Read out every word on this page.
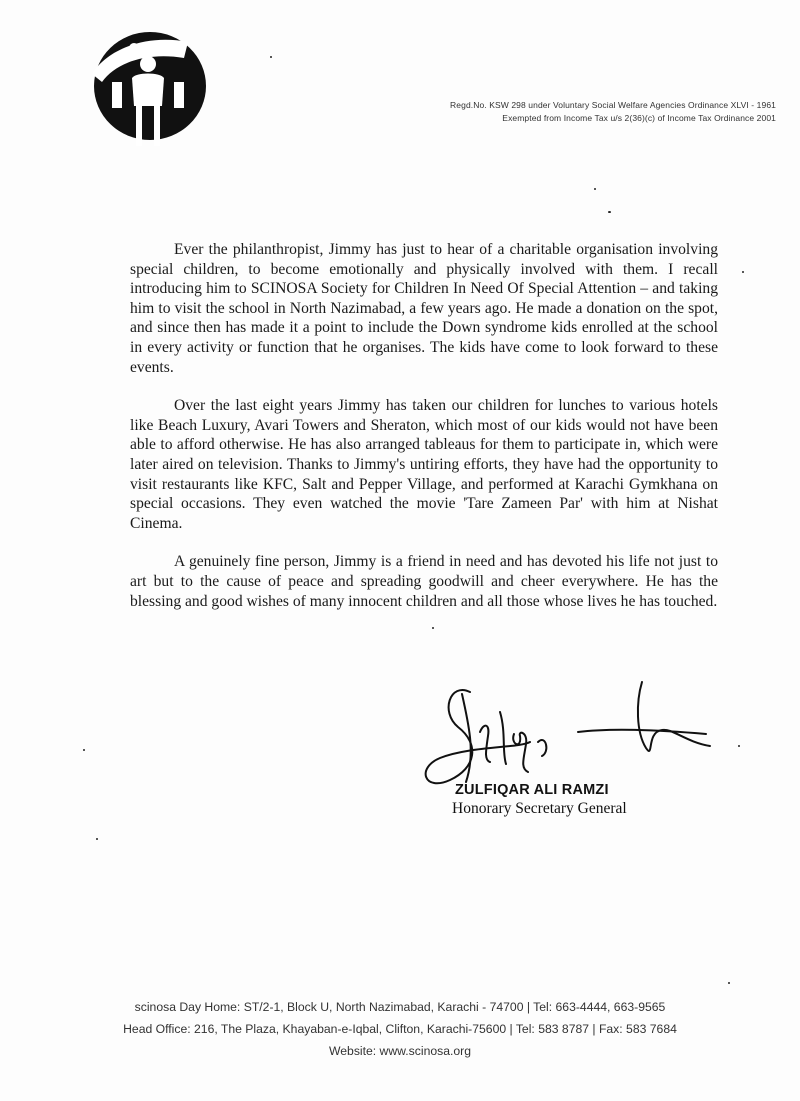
Regd.No. KSW 298 under Voluntary Social Welfare Agencies Ordinance XLVI - 1961
Exempted from Income Tax u/s 2(36)(c) of Income Tax Ordinance 2001

Ever the philanthropist, Jimmy has just to hear of a charitable organisation involving special children, to become emotionally and physically involved with them. I recall introducing him to SCINOSA Society for Children In Need Of Special Attention – and taking him to visit the school in North Nazimabad, a few years ago. He made a donation on the spot, and since then has made it a point to include the Down syndrome kids enrolled at the school in every activity or function that he organises. The kids have come to look forward to these events.

Over the last eight years Jimmy has taken our children for lunches to various hotels like Beach Luxury, Avari Towers and Sheraton, which most of our kids would not have been able to afford otherwise. He has also arranged tableaus for them to participate in, which were later aired on television. Thanks to Jimmy's untiring efforts, they have had the opportunity to visit restaurants like KFC, Salt and Pepper Village, and performed at Karachi Gymkhana on special occasions. They even watched the movie 'Tare Zameen Par' with him at Nishat Cinema.

A genuinely fine person, Jimmy is a friend in need and has devoted his life not just to art but to the cause of peace and spreading goodwill and cheer everywhere. He has the blessing and good wishes of many innocent children and all those whose lives he has touched.

ZULFIQAR ALI RAMZI
Honorary Secretary General
scinosa Day Home: ST/2-1, Block U, North Nazimabad, Karachi - 74700 | Tel: 663-4444, 663-9565
Head Office: 216, The Plaza, Khayaban-e-Iqbal, Clifton, Karachi-75600 | Tel: 583 8787 | Fax: 583 7684
Website: www.scinosa.org
